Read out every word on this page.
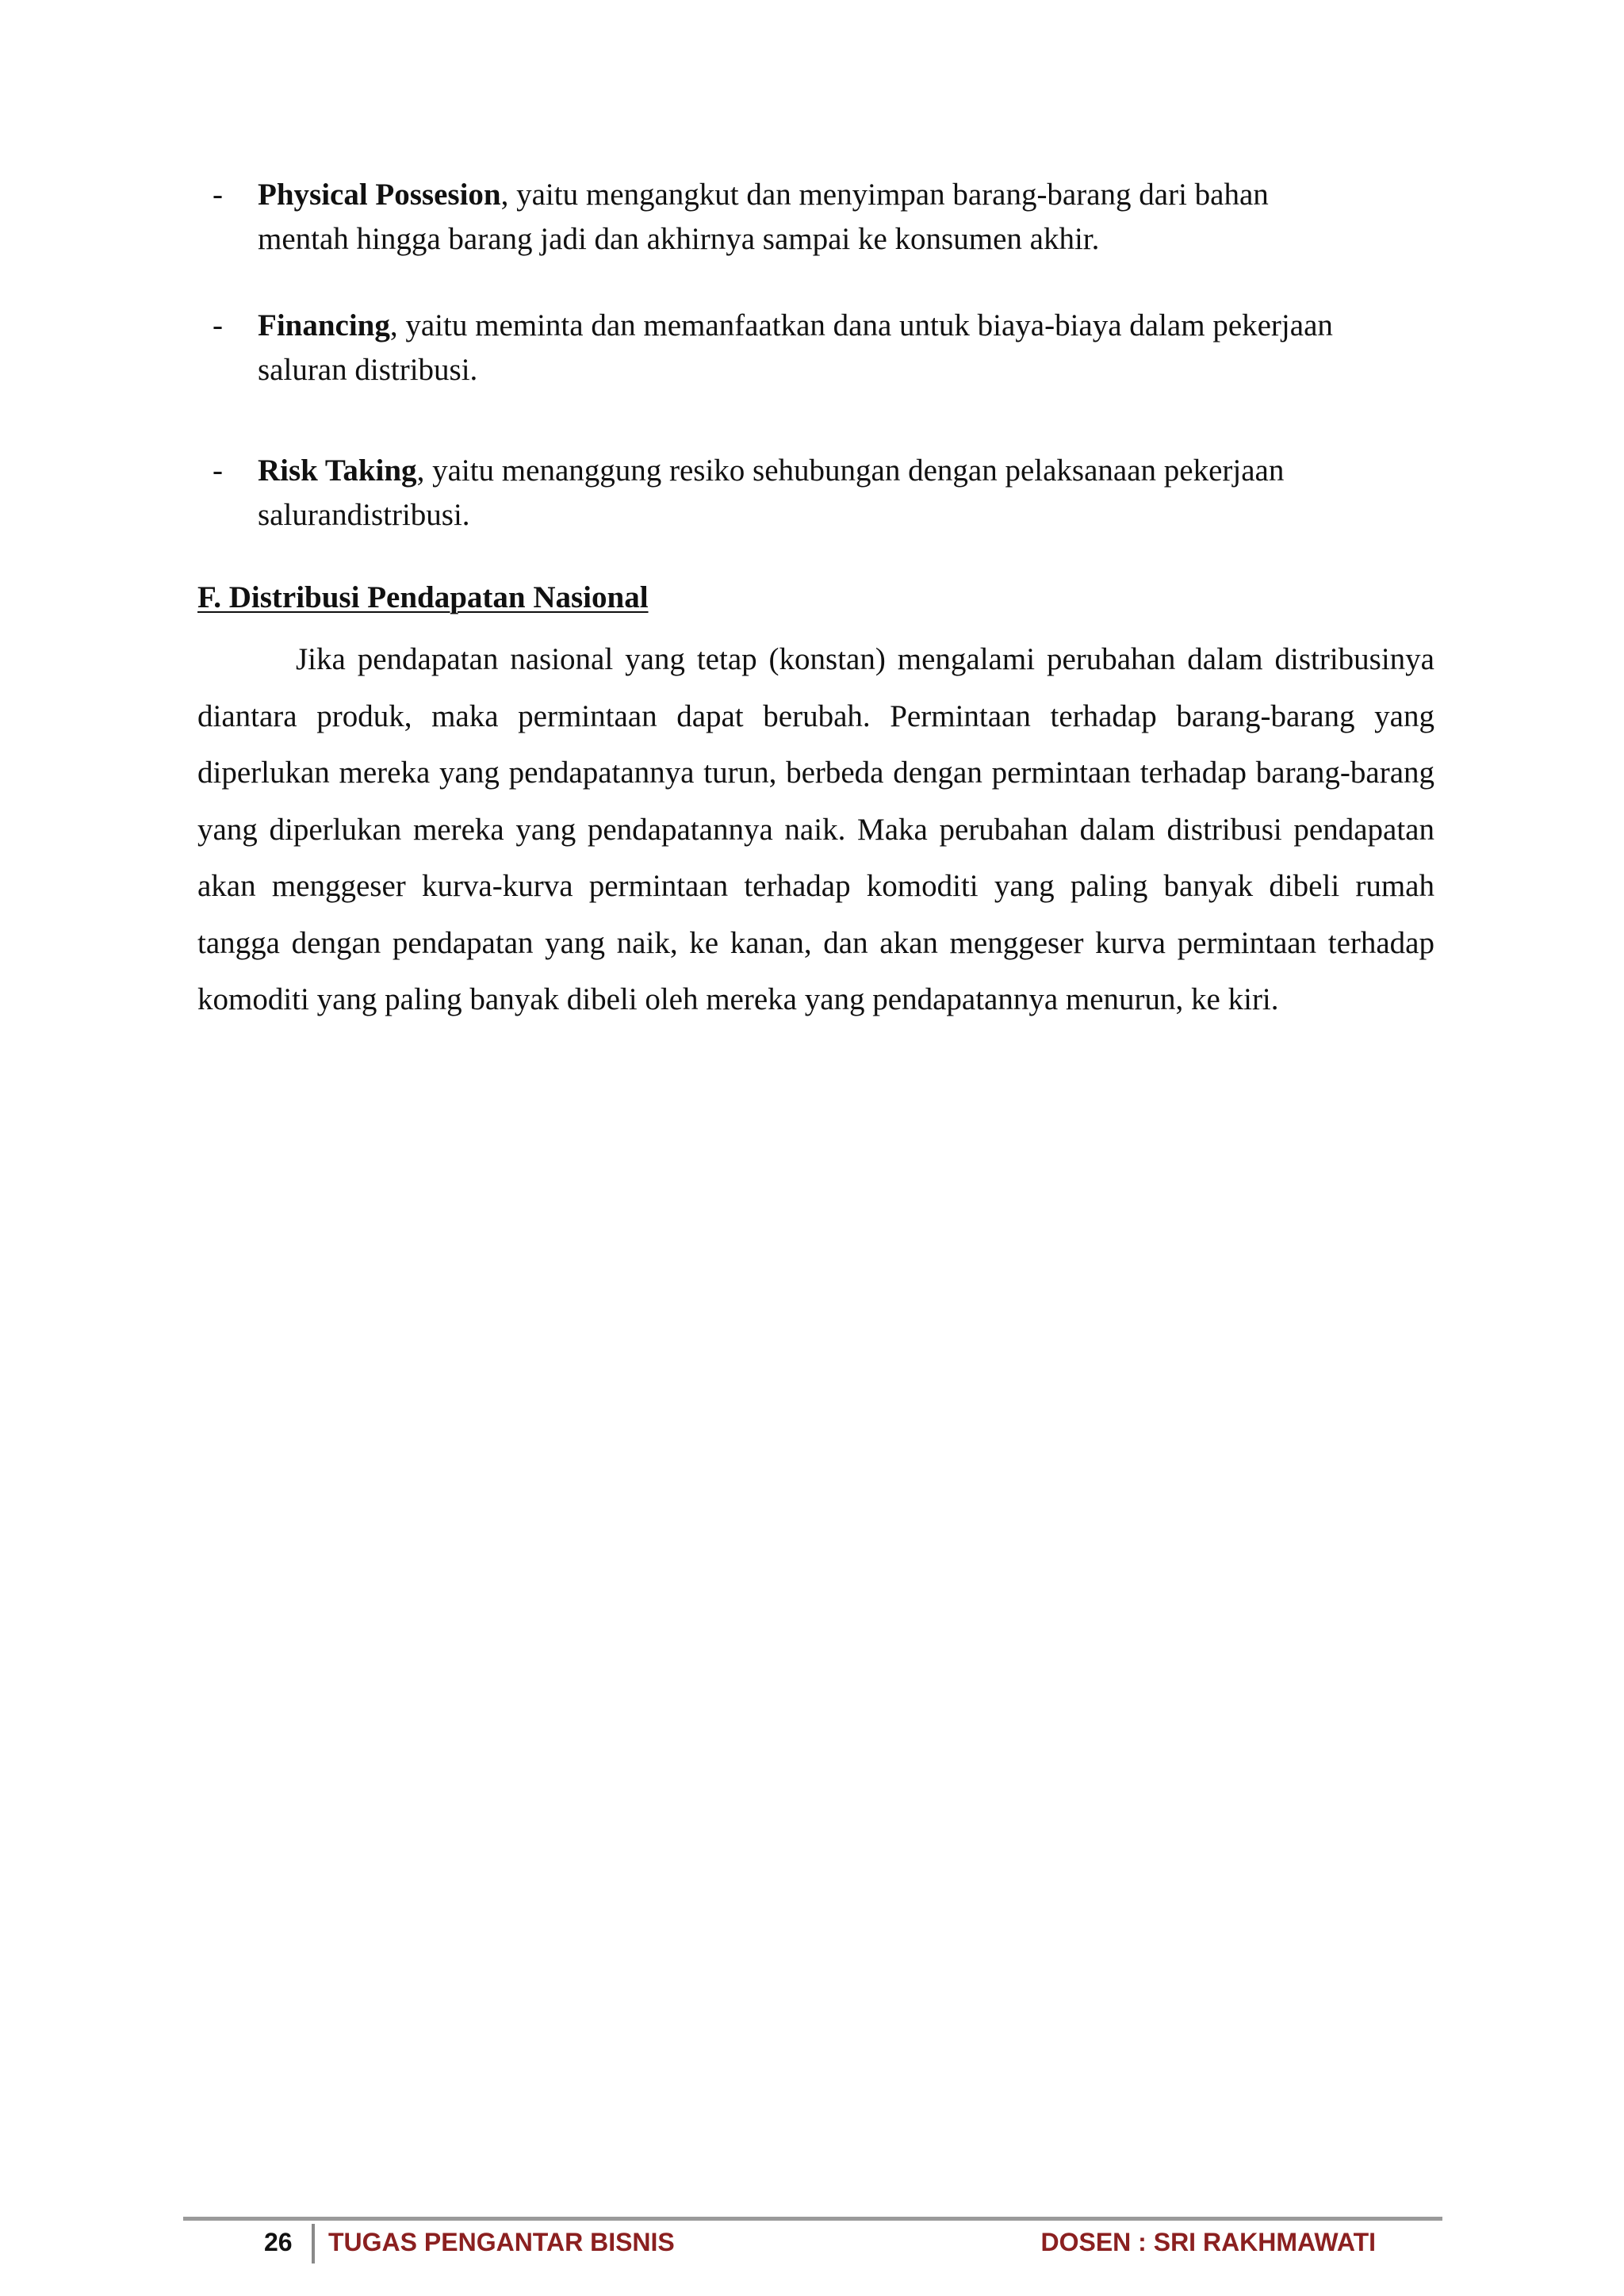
- Physical Possesion, yaitu mengangkut dan menyimpan barang-barang dari bahan
mentah hingga barang jadi dan akhirnya sampai ke konsumen akhir.
- Financing, yaitu meminta dan memanfaatkan dana untuk biaya-biaya dalam pekerjaan
saluran distribusi.
- Risk Taking, yaitu menanggung resiko sehubungan dengan pelaksanaan pekerjaan
salurandistribusi.
F. Distribusi Pendapatan Nasional

Jika pendapatan nasional yang tetap (konstan) mengalami perubahan dalam distribusinya diantara produk, maka permintaan dapat berubah. Permintaan terhadap barang-barang yang diperlukan mereka yang pendapatannya turun, berbeda dengan permintaan terhadap barang-barang yang diperlukan mereka yang pendapatannya naik. Maka perubahan dalam distribusi pendapatan akan menggeser kurva-kurva permintaan terhadap komoditi yang paling banyak dibeli rumah tangga dengan pendapatan yang naik, ke kanan, dan akan menggeser kurva permintaan terhadap komoditi yang paling banyak dibeli oleh mereka yang pendapatannya menurun, ke kiri.

26 TUGAS PENGANTAR BISNIS	DOSEN : SRI RAKHMAWATI
